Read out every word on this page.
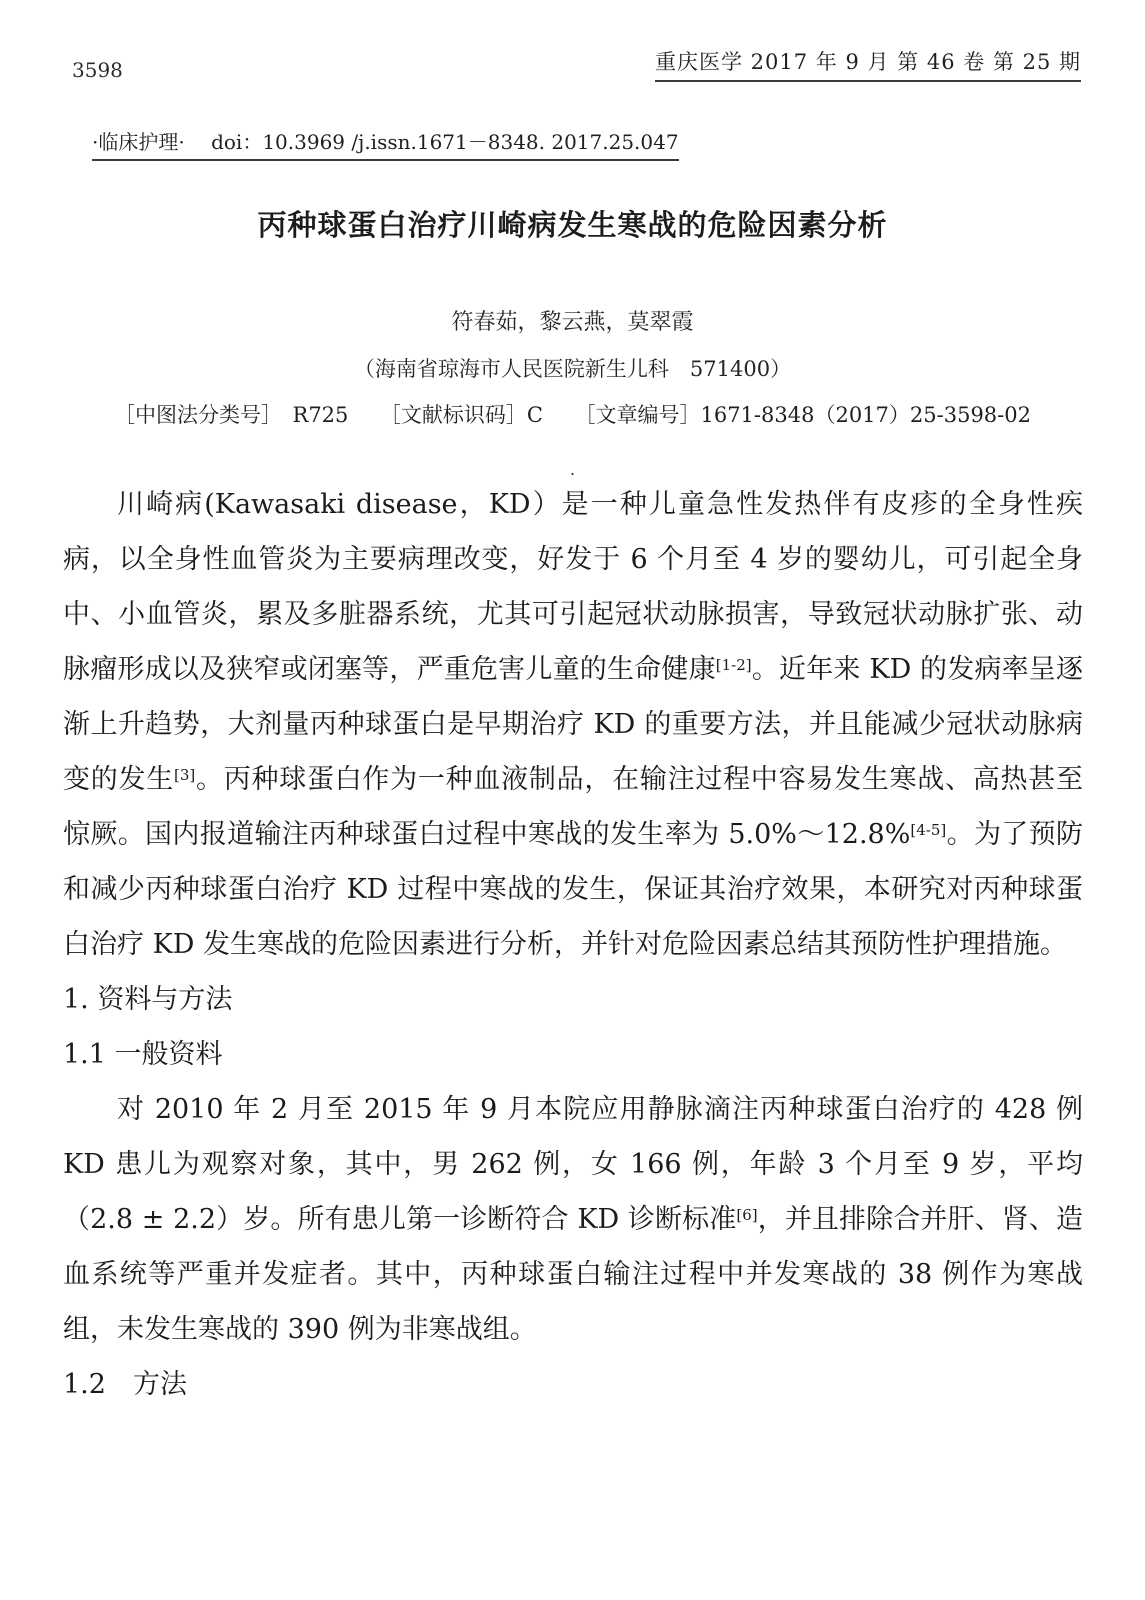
3598	重庆医学 2017 年 9 月 第 46 卷 第 25 期
·临床护理· doi：10.3969 /j.issn.1671－8348. 2017.25.047
丙种球蛋白治疗川崎病发生寒战的危险因素分析
符春茹，黎云燕，莫翠霞
（海南省琼海市人民医院新生儿科　571400）
［中图法分类号］　R725　　［文献标识码］C　　［文章编号］1671-8348（2017）25-3598-02
.

川崎病(Kawasaki disease，KD）是一种儿童急性发热伴有皮疹的全身性疾病，以全身性血管炎为主要病理改变，好发于 6 个月至 4 岁的婴幼儿，可引起全身中、小血管炎，累及多脏器系统，尤其可引起冠状动脉损害，导致冠状动脉扩张、动脉瘤形成以及狭窄或闭塞等，严重危害儿童的生命健康[1-2]。近年来 KD 的发病率呈逐渐上升趋势，大剂量丙种球蛋白是早期治疗 KD 的重要方法，并且能减少冠状动脉病变的发生[3]。丙种球蛋白作为一种血液制品，在输注过程中容易发生寒战、高热甚至惊厥。国内报道输注丙种球蛋白过程中寒战的发生率为 5.0%～12.8%[4-5]。为了预防和减少丙种球蛋白治疗 KD 过程中寒战的发生，保证其治疗效果，本研究对丙种球蛋白治疗 KD 发生寒战的危险因素进行分析，并针对危险因素总结其预防性护理措施。

1. 资料与方法
1.1 一般资料

对 2010 年 2 月至 2015 年 9 月本院应用静脉滴注丙种球蛋白治疗的 428 例 KD 患儿为观察对象，其中，男 262 例，女 166 例，年龄 3 个月至 9 岁，平均（2.8 ± 2.2）岁。所有患儿第一诊断符合 KD 诊断标准[6]，并且排除合并肝、肾、造血系统等严重并发症者。其中，丙种球蛋白输注过程中并发寒战的 38 例作为寒战组，未发生寒战的 390 例为非寒战组。

1.2　方法
